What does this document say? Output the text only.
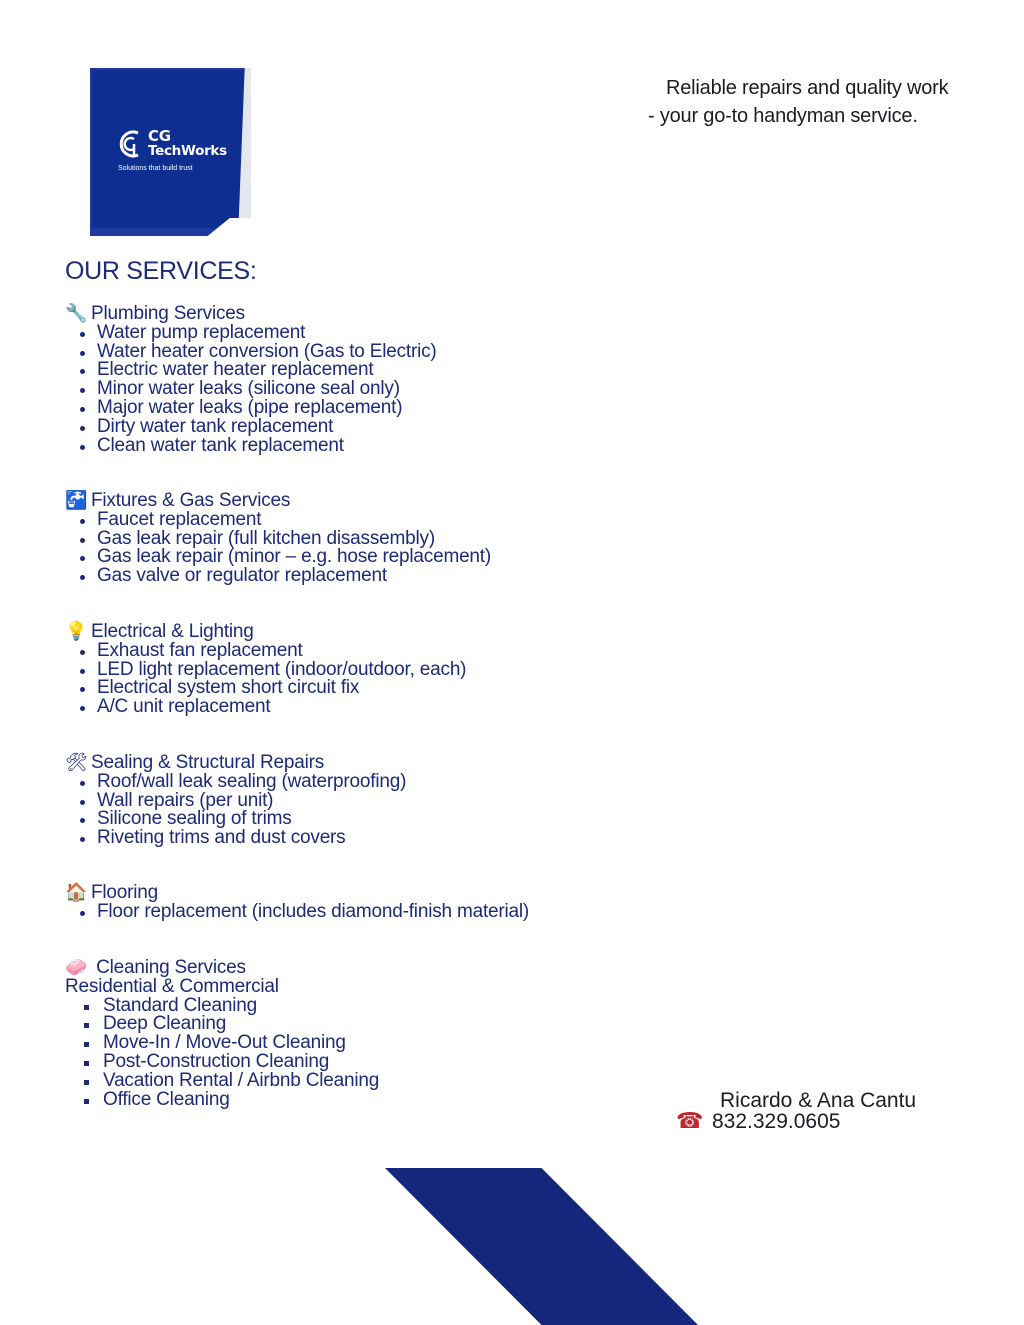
CG
TechWorks
Solutions that build trust
Reliable repairs and quality work
- your go-to handyman service.
OUR SERVICES:
🔧 Plumbing Services
Water pump replacement
Water heater conversion (Gas to Electric)
Electric water heater replacement
Minor water leaks (silicone seal only)
Major water leaks (pipe replacement)
Dirty water tank replacement
Clean water tank replacement
🚰 Fixtures & Gas Services
Faucet replacement
Gas leak repair (full kitchen disassembly)
Gas leak repair (minor – e.g. hose replacement)
Gas valve or regulator replacement
💡 Electrical & Lighting
Exhaust fan replacement
LED light replacement (indoor/outdoor, each)
Electrical system short circuit fix
A/C unit replacement
🛠 Sealing & Structural Repairs
Roof/wall leak sealing (waterproofing)
Wall repairs (per unit)
Silicone sealing of trims
Riveting trims and dust covers
🏠 Flooring
Floor replacement (includes diamond-finish material)
🧼 Cleaning Services
Residential & Commercial
Standard Cleaning
Deep Cleaning
Move-In / Move-Out Cleaning
Post-Construction Cleaning
Vacation Rental / Airbnb Cleaning
Office Cleaning	Ricardo & Ana Cantu
☎ 832.329.0605
